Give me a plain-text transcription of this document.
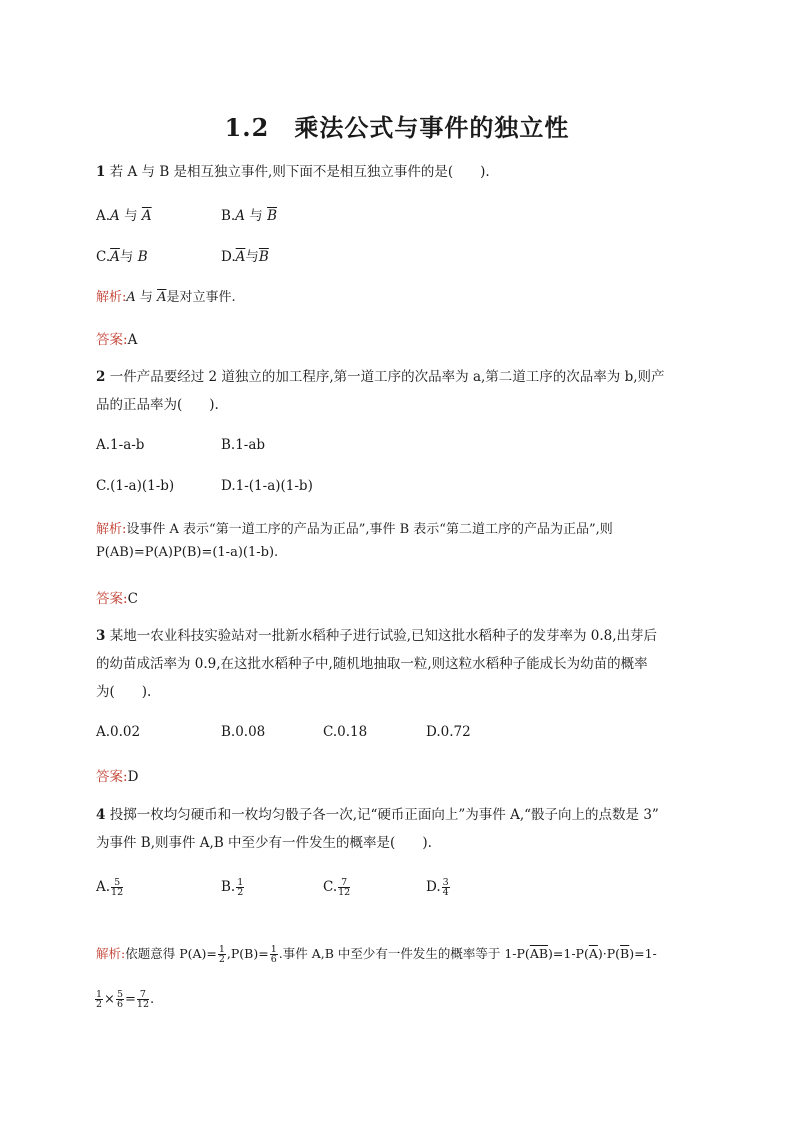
1.2　乘法公式与事件的独立性
1 若 A 与 B 是相互独立事件,则下面不是相互独立事件的是(　　).
A.A 与 $\overline{A}$	B.A 与 $\overline{B}$
$C.\overline{A}$与 B	$D.\overline{A}$与$\overline{B}$
解析:A 与 $\overline{A}$是对立事件.
答案:A
2 一件产品要经过 2 道独立的加工程序,第一道工序的次品率为 a,第二道工序的次品率为 b,则产
品的正品率为(　　).
A.1-a-b	B.1-ab
C.(1-a)(1-b)	D.1-(1-a)(1-b)
解析:设事件 A 表示“第一道工序的产品为正品”,事件 B 表示“第二道工序的产品为正品”,则
P(AB)=P(A)P(B)=(1-a)(1-b).
答案:C
3 某地一农业科技实验站对一批新水稻种子进行试验,已知这批水稻种子的发芽率为 0.8,出芽后
的幼苗成活率为 0.9,在这批水稻种子中,随机地抽取一粒,则这粒水稻种子能成长为幼苗的概率
为(　　).
A.0.02	B.0.08	C.0.18	D.0.72
答案:D
4 投掷一枚均匀硬币和一枚均匀骰子各一次,记“硬币正面向上”为事件 A,“骰子向上的点数是 3”
为事件 B,则事件 A,B 中至少有一件发生的概率是(　　).
A. $\frac{5}{12}$	B. $\frac{1}{2}$	C. $\frac{7}{12}$	D. $\frac{3}{4}$
解析:依题意得 $P(A)= \frac{1}{2} ,P(B)= \frac{1}{6}$ .事件 A,B 中至少有一件发生的概率等于 $1-P(\overline{AB})=1-P(\overline{A})\cdot P(\overline{B})=1-$
$\frac{1}{2} \times \frac{5}{6} = \frac{7}{12}$ .
